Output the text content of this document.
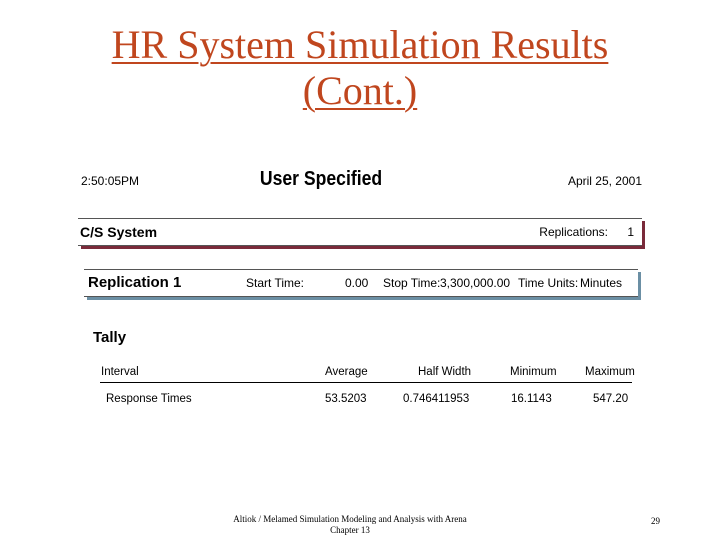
HR System Simulation Results
(Cont.)
2:50:05PM	User Specified	April 25, 2001
C/S System	Replications: 1
Replication 1	Start Time:	0.00 Stop Time: 3,300,000.00 Time Units: Minutes
Tally
Interval	Average	Half Width	Minimum Maximum
Response Times	53.5203	0.746411953	16.1143	547.20
Altiok / Melamed Simulation Modeling and Analysis with Arena
Chapter 13
29
